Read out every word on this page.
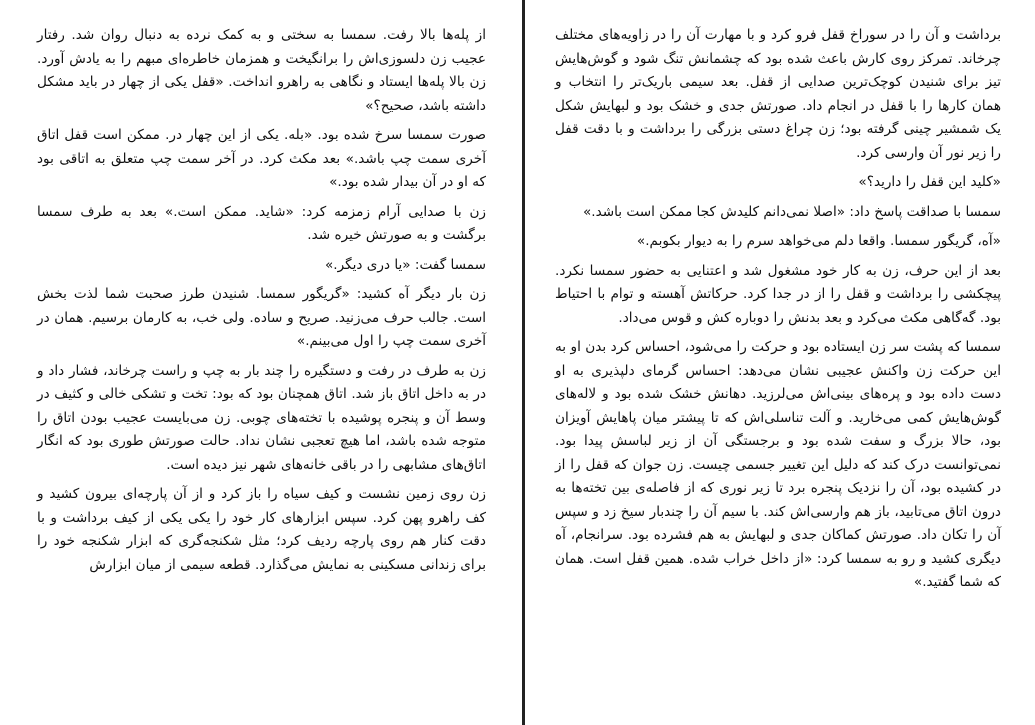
از پله‌ها بالا رفت. سمسا به سختی و به کمک نرده به دنبال روان شد. رفتار عجیب زن دلسوزی‌اش را برانگیخت و همزمان خاطره‌ای مبهم را به یادش آورد. زن بالا پله‌ها ایستاد و نگاهی به راهرو انداخت. «قفل یکی از چهار در باید مشکل داشته باشد، صحیح؟»

صورت سمسا سرخ شده بود. «بله. یکی از این چهار در. ممکن است قفل اتاق آخری سمت چپ باشد.» بعد مکث کرد. در آخر سمت چپ متعلق به اتاقی بود که او در آن بیدار شده بود.»

زن با صدایی آرام زمزمه کرد: «شاید. ممکن است.» بعد به طرف سمسا برگشت و به صورتش خیره شد.

سمسا گفت: «یا دری دیگر.»

زن بار دیگر آه کشید: «گریگور سمسا. شنیدن طرز صحبت شما لذت بخش است. جالب حرف می‌زنید. صریح و ساده. ولی خب، به کارمان برسیم. همان در آخری سمت چپ را اول می‌بینم.»

زن به طرف در رفت و دستگیره را چند بار به چپ و راست چرخاند، فشار داد و در به داخل اتاق باز شد. اتاق همچنان بود که بود: تخت و تشکی خالی و کثیف در وسط آن و پنجره پوشیده با تخته‌های چوبی. زن می‌بایست عجیب بودن اتاق را متوجه شده باشد، اما هیچ تعجبی نشان نداد. حالت صورتش طوری بود که انگار اتاق‌های مشابهی را در باقی خانه‌های شهر نیز دیده است.

زن روی زمین نشست و کیف سیاه را باز کرد و از آن پارچه‌ای بیرون کشید و کف راهرو پهن کرد. سپس ابزارهای کار خود را یکی یکی از کیف برداشت و با دقت کنار هم روی پارچه ردیف کرد؛ مثل شکنجه‌گری که ابزار شکنجه خود را برای زندانی مسکینی به نمایش می‌گذارد. قطعه سیمی از میان ابزارش

برداشت و آن را در سوراخ قفل فرو کرد و با مهارت آن را در زاویه‌های مختلف چرخاند. تمرکز روی کارش باعث شده بود که چشمانش تنگ شود و گوش‌هایش تیز برای شنیدن کوچک‌ترین صدایی از قفل. بعد سیمی باریک‌تر را انتخاب و همان کارها را با قفل در انجام داد. صورتش جدی و خشک بود و لبهایش شکل یک شمشیر چینی گرفته بود؛ زن چراغ دستی بزرگی را برداشت و با دقت قفل را زیر نور آن وارسی کرد.

«کلید این قفل را دارید؟»

سمسا با صداقت پاسخ داد: «اصلا نمی‌دانم کلیدش کجا ممکن است باشد.»

«آه، گریگور سمسا. واقعا دلم می‌خواهد سرم را به دیوار بکوبم.»

بعد از این حرف، زن به کار خود مشغول شد و اعتنایی به حضور سمسا نکرد. پیچکشی را برداشت و قفل را از در جدا کرد. حرکاتش آهسته و توام با احتیاط بود. گه‌گاهی مکث می‌کرد و بعد بدنش را دوباره کش و قوس می‌داد.

سمسا که پشت سر زن ایستاده بود و حرکت را می‌شود، احساس کرد بدن او به این حرکت زن واکنش عجیبی نشان می‌دهد: احساس گرمای دلپذیری به او دست داده بود و پره‌های بینی‌اش می‌لرزید. دهانش خشک شده بود و لاله‌های گوش‌هایش کمی می‌خارید. و آلت تناسلی‌اش که تا پیشتر میان پاهایش آویزان بود، حالا بزرگ و سفت شده بود و برجستگی آن از زیر لباسش پیدا بود. نمی‌توانست درک کند که دلیل این تغییر جسمی چیست. زن جوان که قفل را از در کشیده بود، آن را نزدیک پنجره برد تا زیر نوری که از فاصله‌ی بین تخته‌ها به درون اتاق می‌تابید، باز هم وارسی‌اش کند. با سیم آن را چندبار سیخ زد و سپس آن را تکان داد. صورتش کماکان جدی و لبهایش به هم فشرده بود. سرانجام، آه دیگری کشید و رو به سمسا کرد: «از داخل خراب شده. همین قفل است. همان که شما گفتید.»
